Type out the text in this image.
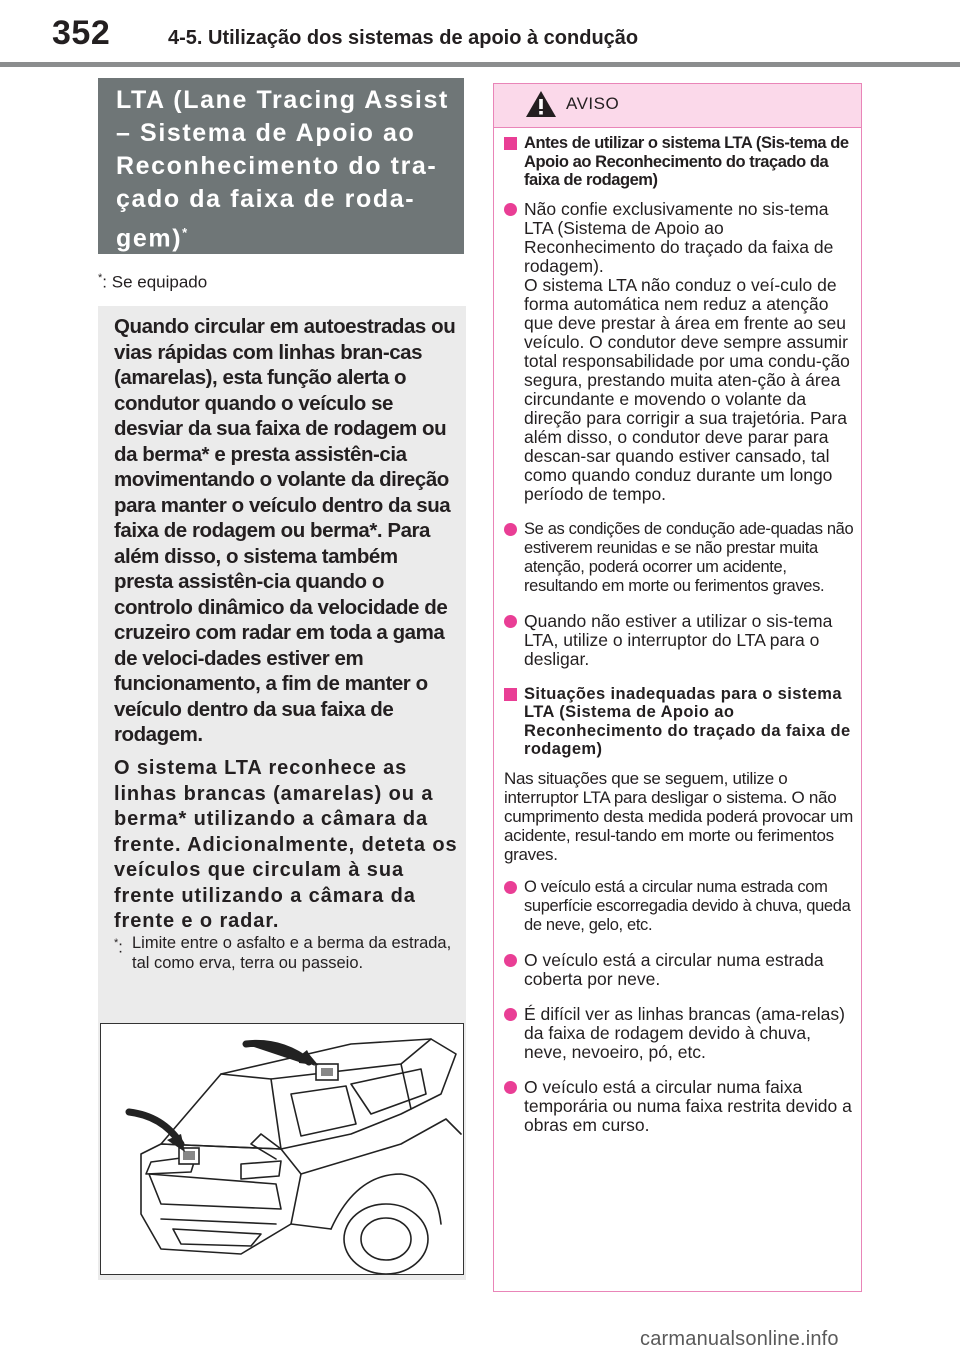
352	4-5. Utilização dos sistemas de apoio à condução
LTA (Lane Tracing Assist – Sistema de Apoio ao Reconhecimento do tra-çado da faixa de roda-gem)*
*: Se equipado
Quando circular em autoestradas ou vias rápidas com linhas bran-cas (amarelas), esta função alerta o condutor quando o veículo se desviar da sua faixa de rodagem ou da berma* e presta assistên-cia movimentando o volante da direção para manter o veículo dentro da sua faixa de rodagem ou berma*. Para além disso, o sistema também presta assistên-cia quando o controlo dinâmico da velocidade de cruzeiro com radar em toda a gama de veloci-dades estiver em funcionamento, a fim de manter o veículo dentro da sua faixa de rodagem.
O sistema LTA reconhece as linhas brancas (amarelas) ou a berma* utilizando a câmara da frente. Adicionalmente, deteta os veículos que circulam à sua frente utilizando a câmara da frente e o radar.
*: Limite entre o asfalto e a berma da estrada, tal como erva, terra ou passeio.
AVISO
Antes de utilizar o sistema LTA (Sis-tema de Apoio ao Reconhecimento do traçado da faixa de rodagem)
Não confie exclusivamente no sis-tema LTA (Sistema de Apoio ao Reconhecimento do traçado da faixa de rodagem).
O sistema LTA não conduz o veí-culo de forma automática nem reduz a atenção que deve prestar à área em frente ao seu veículo. O condutor deve sempre assumir total responsabilidade por uma condu-ção segura, prestando muita aten-ção à área circundante e movendo o volante da direção para corrigir a sua trajetória. Para além disso, o condutor deve parar para descan-sar quando estiver cansado, tal como quando conduz durante um longo período de tempo.
Se as condições de condução ade-quadas não estiverem reunidas e se não prestar muita atenção, poderá ocorrer um acidente, resultando em morte ou ferimentos graves.
Quando não estiver a utilizar o sis-tema LTA, utilize o interruptor do LTA para o desligar.
Situações inadequadas para o sistema LTA (Sistema de Apoio ao Reconhecimento do traçado da faixa de rodagem)
Nas situações que se seguem, utilize o interruptor LTA para desligar o sistema. O não cumprimento desta medida poderá provocar um acidente, resul-tando em morte ou ferimentos graves.
O veículo está a circular numa estrada com superfície escorregadia devido à chuva, queda de neve, gelo, etc.
O veículo está a circular numa estrada coberta por neve.
É difícil ver as linhas brancas (ama-relas) da faixa de rodagem devido à chuva, neve, nevoeiro, pó, etc.
O veículo está a circular numa faixa temporária ou numa faixa restrita devido a obras em curso.
carmanualsonline.info
